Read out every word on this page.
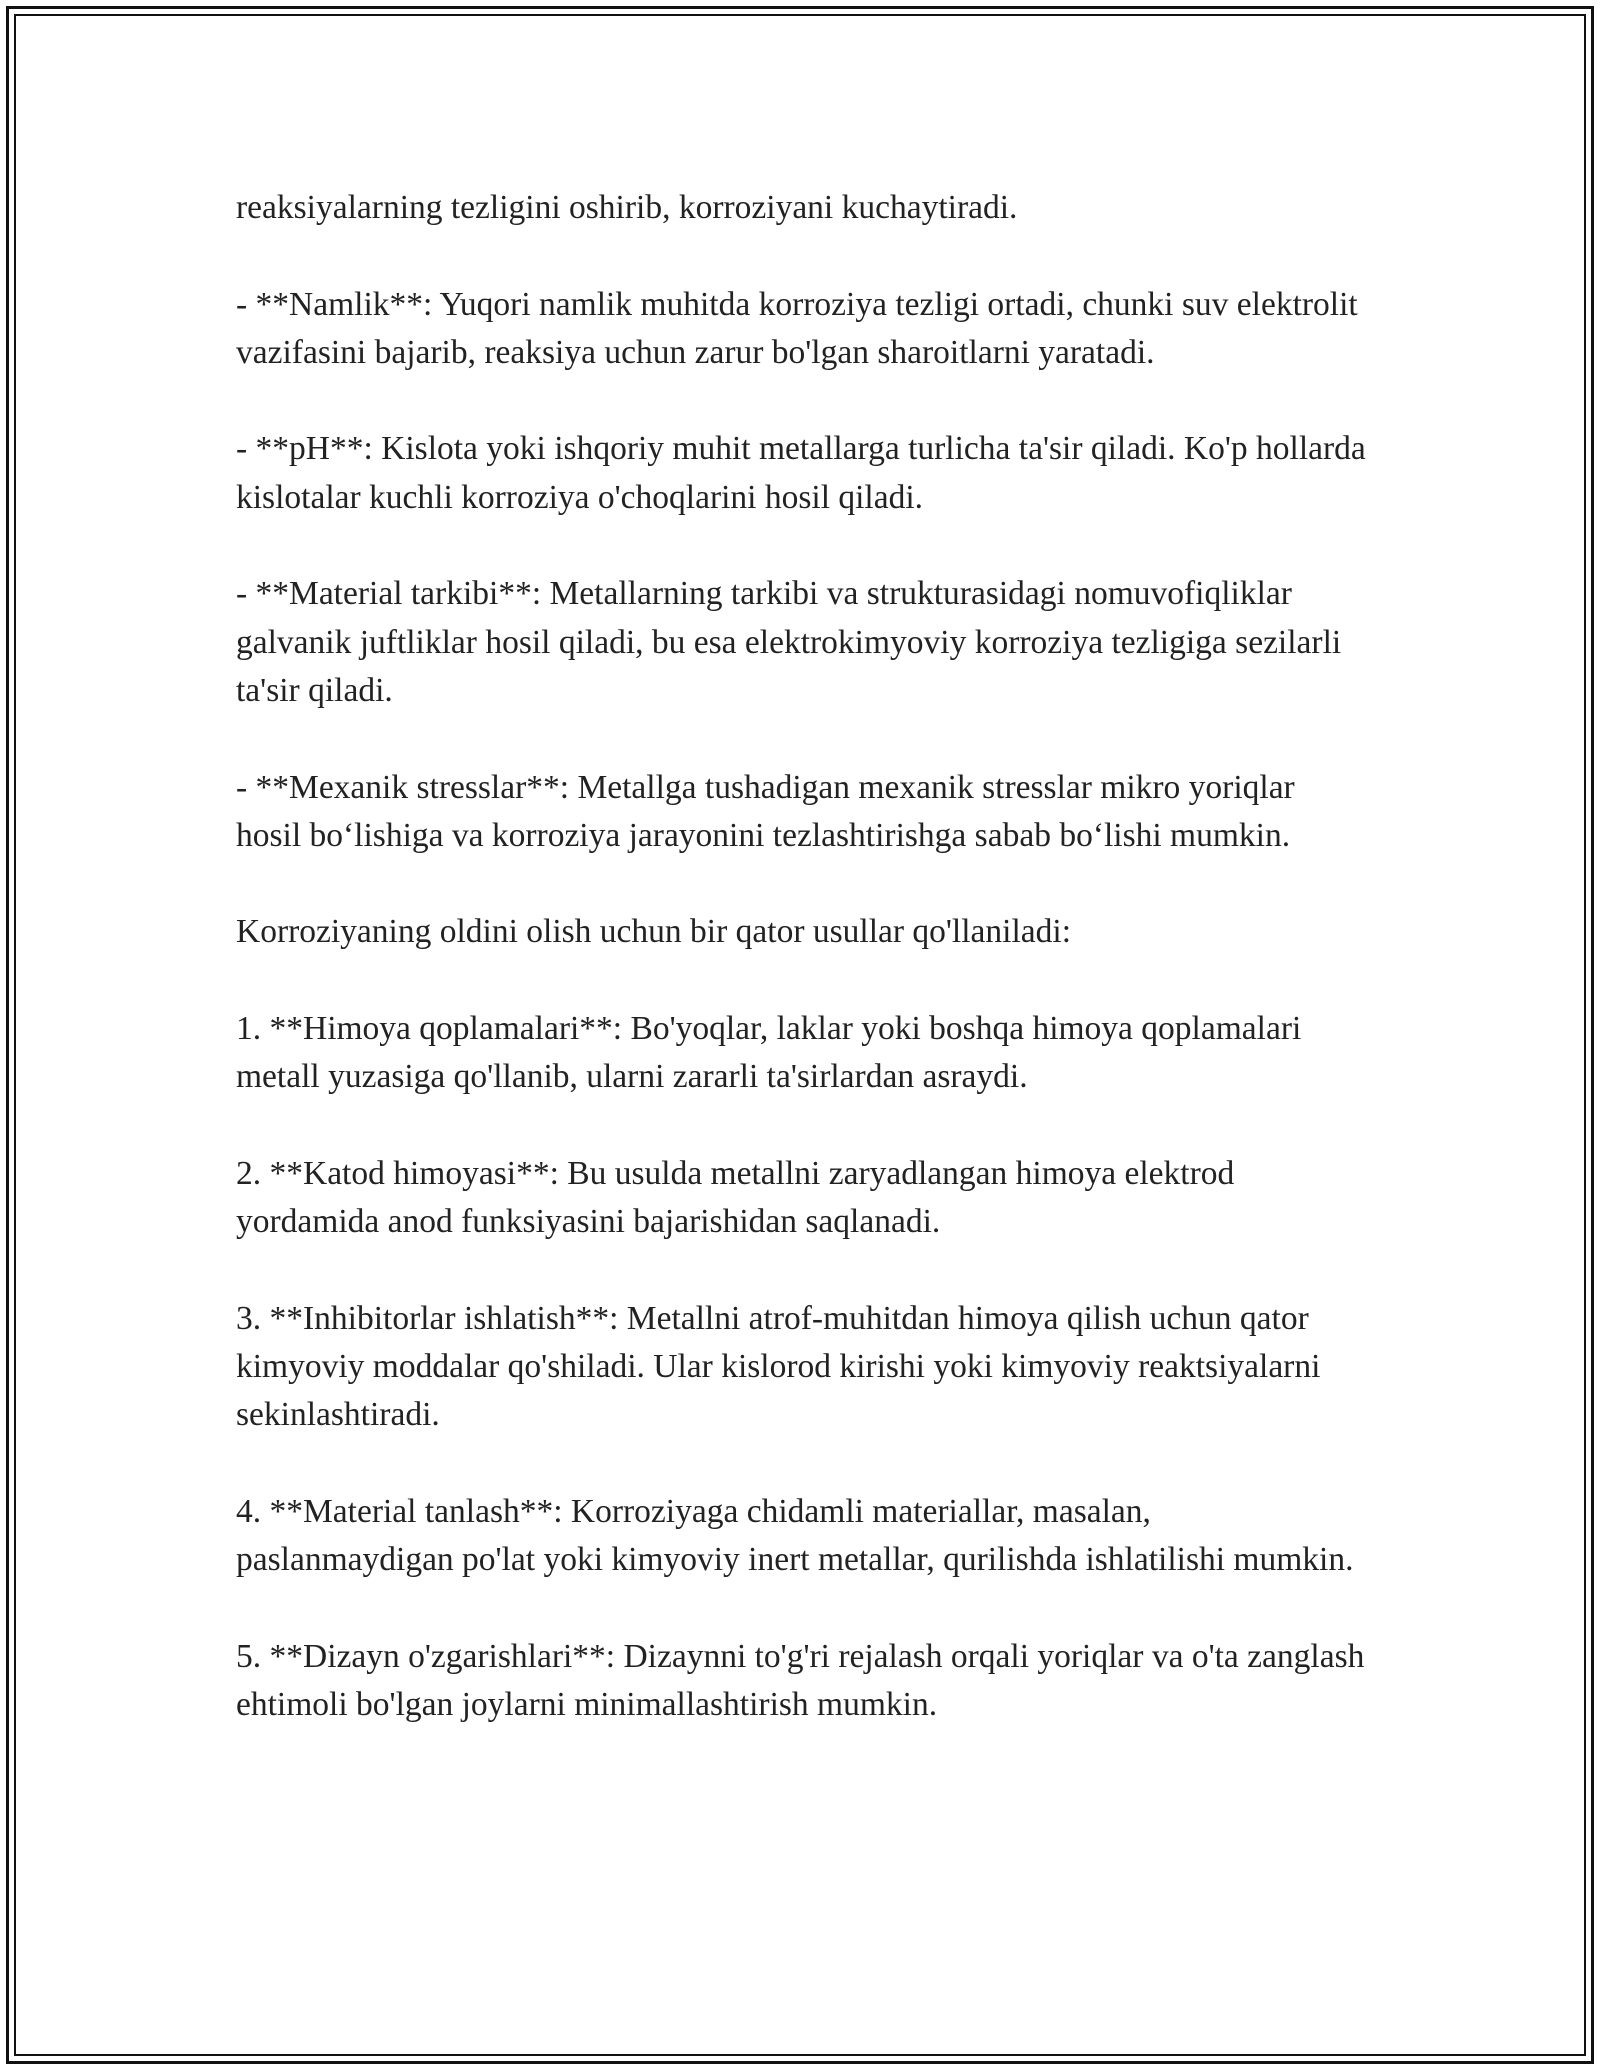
reaksiyalarning tezligini oshirib, korroziyani kuchaytiradi.

- **Namlik**: Yuqori namlik muhitda korroziya tezligi ortadi, chunki suv elektrolit vazifasini bajarib, reaksiya uchun zarur bo'lgan sharoitlarni yaratadi.

- **pH**: Kislota yoki ishqoriy muhit metallarga turlicha ta'sir qiladi. Ko'p hollarda kislotalar kuchli korroziya o'choqlarini hosil qiladi.

- **Material tarkibi**: Metallarning tarkibi va strukturasidagi nomuvofiqliklar galvanik juftliklar hosil qiladi, bu esa elektrokimyoviy korroziya tezligiga sezilarli ta'sir qiladi.

- **Mexanik stresslar**: Metallga tushadigan mexanik stresslar mikro yoriqlar hosil bo‘lishiga va korroziya jarayonini tezlashtirishga sabab bo‘lishi mumkin.

Korroziyaning oldini olish uchun bir qator usullar qo'llaniladi:

1. **Himoya qoplamalari**: Bo'yoqlar, laklar yoki boshqa himoya qoplamalari metall yuzasiga qo'llanib, ularni zararli ta'sirlardan asraydi.

2. **Katod himoyasi**: Bu usulda metallni zaryadlangan himoya elektrod yordamida anod funksiyasini bajarishidan saqlanadi.

3. **Inhibitorlar ishlatish**: Metallni atrof-muhitdan himoya qilish uchun qator kimyoviy moddalar qo'shiladi. Ular kislorod kirishi yoki kimyoviy reaktsiyalarni sekinlashtiradi.

4. **Material tanlash**: Korroziyaga chidamli materiallar, masalan, paslanmaydigan po'lat yoki kimyoviy inert metallar, qurilishda ishlatilishi mumkin.

5. **Dizayn o'zgarishlari**: Dizaynni to'g'ri rejalash orqali yoriqlar va o'ta zanglash ehtimoli bo'lgan joylarni minimallashtirish mumkin.
